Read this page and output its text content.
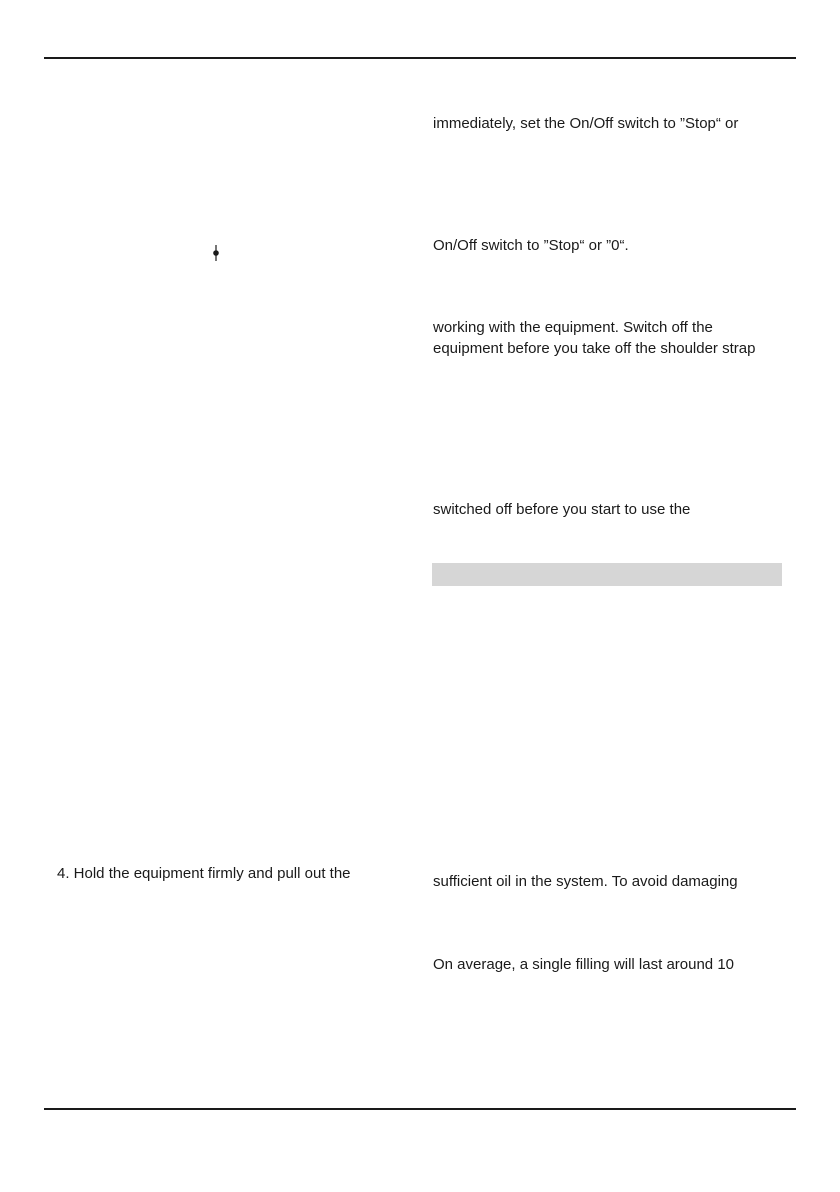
immediately, set the On/Off switch to ”Stop“ or
On/Off switch to ”Stop“ or ”0“.
working with the equipment. Switch off the
equipment before you take off the shoulder strap
switched off before you start to use the
4. Hold the equipment firmly and pull out the	sufficient oil in the system. To avoid damaging
On average, a single filling will last around 10
